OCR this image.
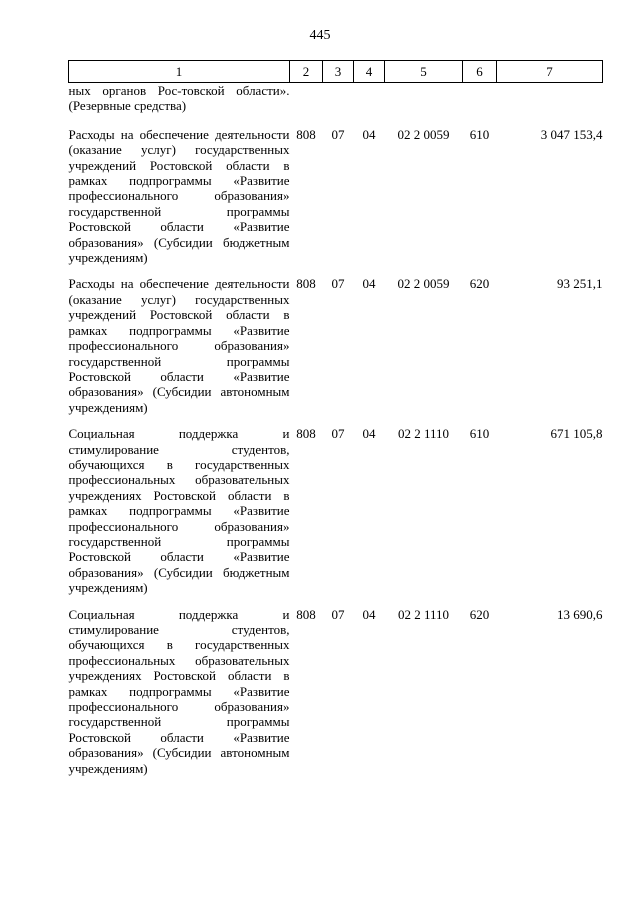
445
1	2	3	4	5	6	7
ных органов Рос-товской области». (Резервные средства)						
Расходы на обеспечение деятельности (оказание услуг) государственных учреждений Ростовской области в рамках подпрограммы «Развитие профессионального образования» государственной программы Ростовской области «Развитие образования» (Субсидии бюджетным учреждениям)	808	07	04	02 2 0059	610	3 047 153,4
Расходы на обеспечение деятельности (оказание услуг) государственных учреждений Ростовской области в рамках подпрограммы «Развитие профессионального образования» государственной программы Ростовской области «Развитие образования» (Субсидии автономным учреждениям)	808	07	04	02 2 0059	620	93 251,1
Социальная поддержка и стимулирование студентов, обучающихся в государственных профессиональных образовательных учреждениях Ростовской области в рамках подпрограммы «Развитие профессионального образования» государственной программы Ростовской области «Развитие образования» (Субсидии бюджетным учреждениям)	808	07	04	02 2 1110	610	671 105,8
Социальная поддержка и стимулирование студентов, обучающихся в государственных профессиональных образовательных учреждениях Ростовской области в рамках подпрограммы «Развитие профессионального образования» государственной программы Ростовской области «Развитие образования» (Субсидии автономным учреждениям)	808	07	04	02 2 1110	620	13 690,6
